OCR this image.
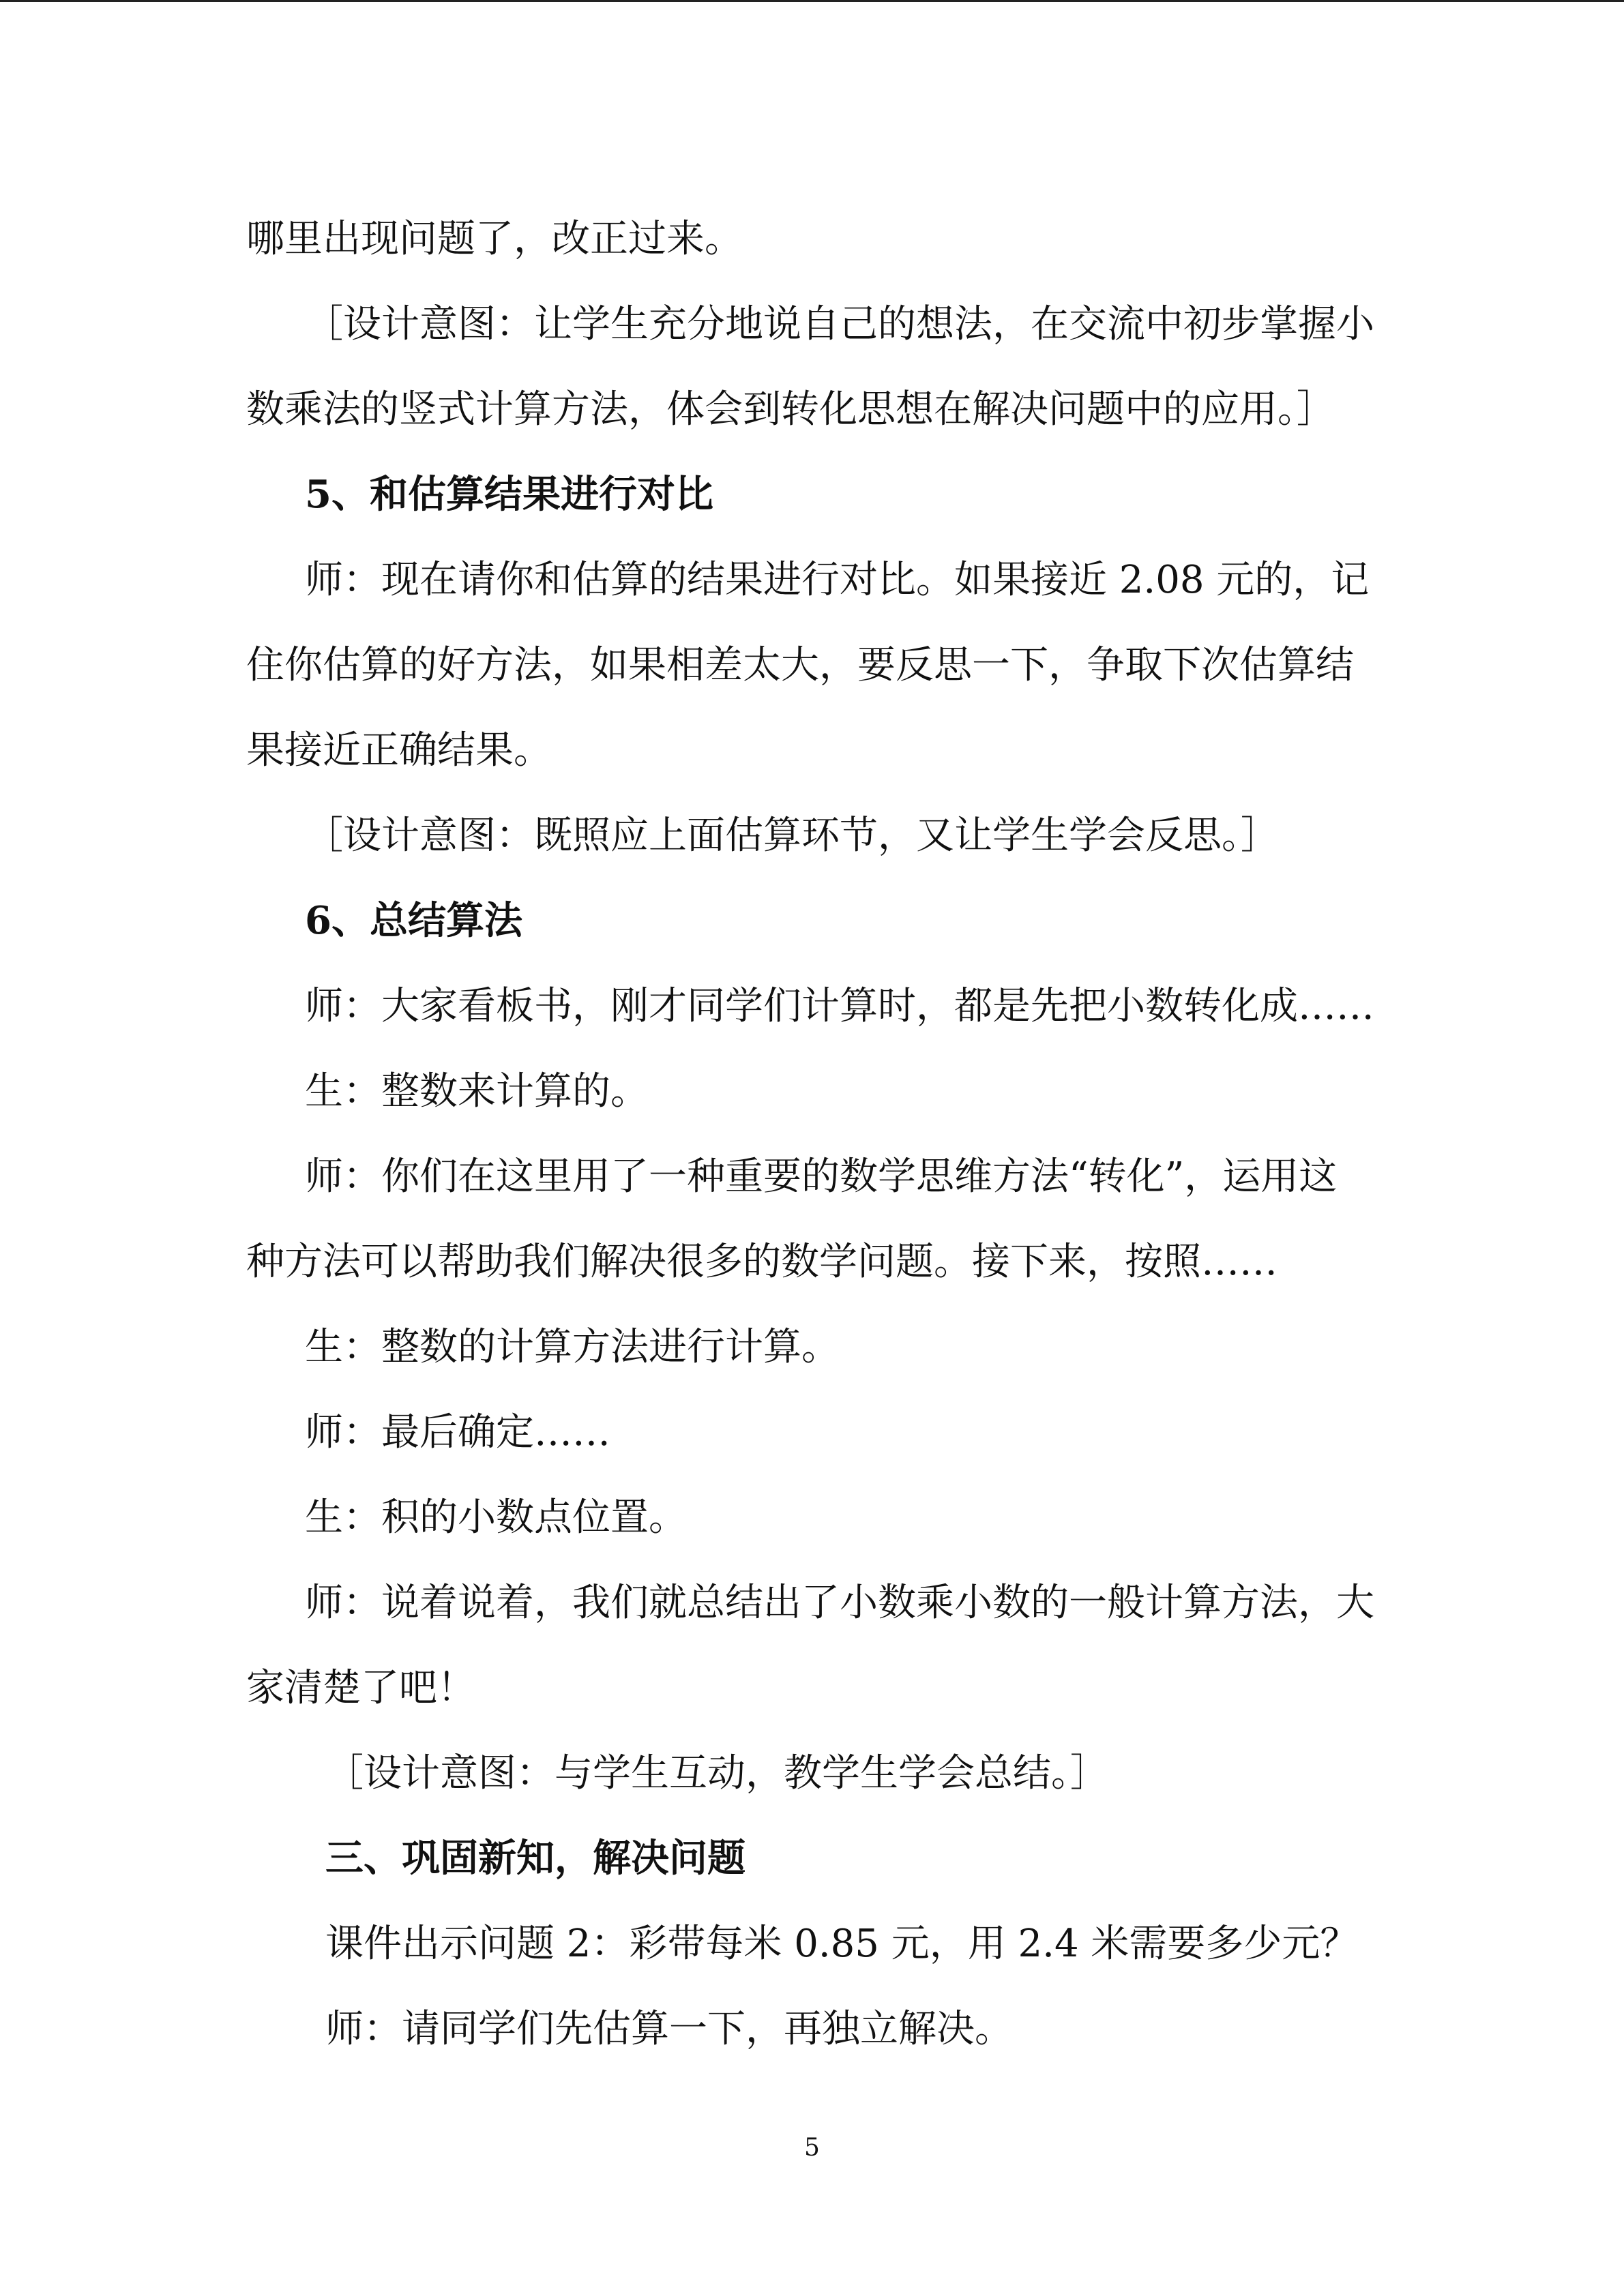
哪里出现问题了，改正过来。
［设计意图：让学生充分地说自己的想法，在交流中初步掌握小
数乘法的竖式计算方法，体会到转化思想在解决问题中的应用。］
5、和估算结果进行对比
师：现在请你和估算的结果进行对比。如果接近 2.08 元的，记
住你估算的好方法，如果相差太大，要反思一下，争取下次估算结
果接近正确结果。
［设计意图：既照应上面估算环节，又让学生学会反思。］
6、总结算法
师：大家看板书，刚才同学们计算时，都是先把小数转化成……
生：整数来计算的。
师：你们在这里用了一种重要的数学思维方法“转化”，运用这
种方法可以帮助我们解决很多的数学问题。接下来，按照……
生：整数的计算方法进行计算。
师：最后确定……
生：积的小数点位置。
师：说着说着，我们就总结出了小数乘小数的一般计算方法，大
家清楚了吧！
［设计意图：与学生互动，教学生学会总结。］
三、巩固新知，解决问题
课件出示问题 2：彩带每米 0.85 元，用 2.4 米需要多少元？
师：请同学们先估算一下，再独立解决。
5
